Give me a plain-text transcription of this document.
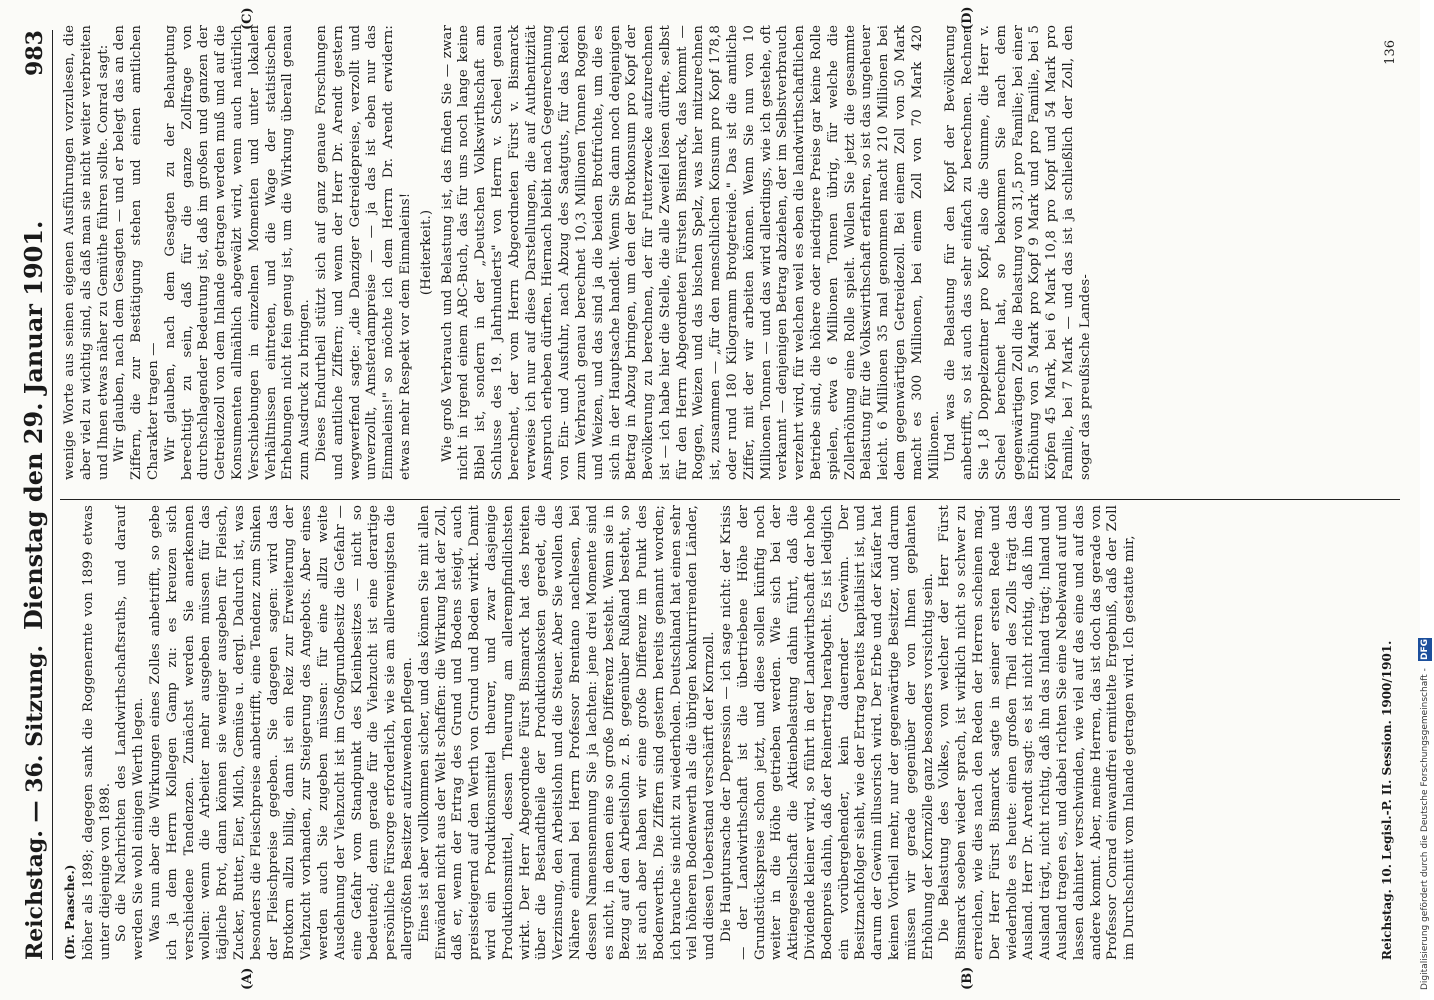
Reichstag. — 36. Sitzung.
Dienstag den 29. Januar 1901.
983
(A)	(B)
(C)	(D)
(Dr. Paasche.) höher als 1898; dagegen sank die Roggenernte von 1899 etwas unter diejenige von 1898. So die Nachrichten des Landwirthschaftsraths, und darauf werden Sie wohl einigen Werth legen. Was nun aber die Wirkungen eines Zolles anbetrifft, so gebe ich ja dem Herrn Kollegen Gamp zu: es kreuzen sich verschiedene Tendenzen. Zunächst werden Sie anerkennen wollen: wenn die Arbeiter mehr ausgeben müssen für das tägliche Brot, dann können sie weniger ausgeben für Fleisch, Zucker, Butter, Eier, Milch, Gemüse u. dergl. Dadurch ist, was besonders die Fleischpreise anbetrifft, eine Tendenz zum Sinken der Fleischpreise gegeben. Sie dagegen sagen: wird das Brotkorn allzu billig, dann ist ein Reiz zur Erweiterung der Viehzucht vorhanden, zur Steigerung des Angebots. Aber eines werden auch Sie zugeben müssen: für eine allzu weite Ausdehnung der Viehzucht ist im Großgrundbesitz die Gefahr — eine Gefahr vom Standpunkt des Kleinbesitzes — nicht so bedeutend; denn gerade für die Viehzucht ist eine derartige persönliche Fürsorge erforderlich, wie sie am allerwenigsten die allergrößten Besitzer aufzuwenden pflegen. Eines ist aber vollkommen sicher, und das können Sie mit allen Einwänden nicht aus der Welt schaffen: die Wirkung hat der Zoll, daß er, wenn der Ertrag des Grund und Bodens steigt, auch preissteigernd auf den Werth von Grund und Boden wirkt. Damit wird ein Produktionsmittel theurer, und zwar dasjenige Produktionsmittel, dessen Theurung am allerempfindlichsten wirkt. Der Herr Abgeordnete Fürst Bismarck hat des breiten über die Bestandtheile der Produktionskosten geredet, die Verzinsung, den Arbeitslohn und die Steuer. Aber Sie wollen das Nähere einmal bei Herrn Professor Brentano nachlesen, bei dessen Namensnennung Sie ja lachten: jene drei Momente sind es nicht, in denen eine so große Differenz besteht. Wenn sie in Bezug auf den Arbeitslohn z. B. gegenüber Rußland besteht, so ist auch aber haben wir eine große Differenz im Punkt des Bodenwerths. Die Ziffern sind gestern bereits genannt worden; ich brauche sie nicht zu wiederholen. Deutschland hat einen sehr viel höheren Bodenwerth als die übrigen konkurrirenden Länder, und diesen Ueberstand verschärft der Kornzoll. Die Hauptursache der Depression — ich sage nicht: der Krisis — der Landwirthschaft ist die übertriebene Höhe der Grundstückspreise schon jetzt, und diese sollen künftig noch weiter in die Höhe getrieben werden. Wie sich bei der Aktiengesellschaft die Aktienbelastung dahin führt, daß die Dividende kleiner wird, so führt in der Landwirthschaft der hohe Bodenpreis dahin, daß der Reinertrag herabgeht. Es ist lediglich ein vorübergehender, kein dauernder Gewinn. Der Besitznachfolger sieht, wie der Ertrag bereits kapitalisirt ist, und darum der Gewinn illusorisch wird. Der Erbe und der Käufer hat keinen Vortheil mehr, nur der gegenwärtige Besitzer, und darum müssen wir gerade gegenüber der von Ihnen geplanten Erhöhung der Kornzölle ganz besonders vorsichtig sein. Die Belastung des Volkes, von welcher der Herr Fürst Bismarck soeben wieder sprach, ist wirklich nicht so schwer zu erreichen, wie dies nach den Reden der Herren scheinen mag. Der Herr Fürst Bismarck sagte in seiner ersten Rede und wiederholte es heute: einen großen Theil des Zolls trägt das Ausland. Herr Dr. Arendt sagt: es ist nicht richtig, daß ihn das Ausland trägt, nicht richtig, daß ihn das Inland trägt; Inland und Ausland tragen es, und dabei richten Sie eine Nebelwand auf und lassen dahinter verschwinden, wie viel auf das eine und auf das andere kommt. Aber, meine Herren, das ist doch das gerade von Professor Conrad einwandfrei ermittelte Ergebniß, daß der Zoll im Durchschnitt vom Inlande getragen wird. Ich gestatte mir,

wenige Worte aus seinen eigenen Ausführungen vorzulesen, die aber viel zu wichtig sind, als daß man sie nicht weiter verbreiten und Ihnen etwas näher zu Gemüthe führen sollte. Conrad sagt: Wir glauben, nach dem Gesagten — und er belegt das an den Ziffern, die zur Bestätigung stehen und einen amtlichen Charakter tragen — Wir glauben, nach dem Gesagten zu der Behauptung berechtigt zu sein, daß für die ganze Zollfrage von durchschlagender Bedeutung ist, daß im großen und ganzen der Getreidezoll von dem Inlande getragen werden muß und auf die Konsumenten allmählich abgewälzt wird, wenn auch natürlich Verschiebungen in einzelnen Momenten und unter lokalen Verhältnissen eintreten, und die Wage der statistischen Erhebungen nicht fein genug ist, um die Wirkung überall genau zum Ausdruck zu bringen. Dieses Endurtheil stützt sich auf ganz genaue Forschungen und amtliche Ziffern; und wenn der Herr Dr. Arendt gestern wegwerfend sagte: „die Danziger Getreidepreise, verzollt und unverzollt, Amsterdampreise — — ja das ist eben nur das Einmaleins!" so möchte ich dem Herrn Dr. Arendt erwidern: etwas mehr Respekt vor dem Einmaleins! (Heiterkeit.) Wie groß Verbrauch und Belastung ist, das finden Sie — zwar nicht in irgend einem ABC-Buch, das für uns noch lange keine Bibel ist, sondern in der „Deutschen Volkswirthschaft am Schlusse des 19. Jahrhunderts" von Herrn v. Scheel genau berechnet, der vom Herrn Abgeordneten Fürst v. Bismarck verweise ich nur auf diese Darstellungen, die auf Authentizität Anspruch erheben dürften. Hiernach bleibt nach Gegenrechnung von Ein- und Ausfuhr, nach Abzug des Saatguts, für das Reich zum Verbrauch genau berechnet 10,3 Millionen Tonnen Roggen und Weizen, und das sind ja die beiden Brotfrüchte, um die es sich in der Hauptsache handelt. Wenn Sie dann noch denjenigen Betrag in Abzug bringen, um den der Brotkonsum pro Kopf der Bevölkerung zu berechnen, der für Futterzwecke aufzurechnen ist — ich habe hier die Stelle, die alle Zweifel lösen dürfte, selbst für den Herrn Abgeordneten Fürsten Bismarck, das kommt — Roggen, Weizen und das bischen Spelz, was hier mitzurechnen ist, zusammen — „für den menschlichen Konsum pro Kopf 178,8 oder rund 180 Kilogramm Brotgetreide." Das ist die amtliche Ziffer, mit der wir arbeiten können. Wenn Sie nun von 10 Millionen Tonnen — und das wird allerdings, wie ich gestehe, oft verkannt — denjenigen Betrag abziehen, der im Selbstverbrauch verzehrt wird, für welchen weil es eben die landwirthschaftlichen Betriebe sind, die höhere oder niedrigere Preise gar keine Rolle spielen, etwa 6 Millionen Tonnen übrig, für welche die Zollerhöhung eine Rolle spielt. Wollen Sie jetzt die gesammte Belastung für die Volkswirthschaft erfahren, so ist das ungeheuer leicht. 6 Millionen 35 mal genommen macht 210 Millionen bei dem gegenwärtigen Getreidezoll. Bei einem Zoll von 50 Mark macht es 300 Millionen, bei einem Zoll von 70 Mark 420 Millionen. Und was die Belastung für den Kopf der Bevölkerung anbetrifft, so ist auch das sehr einfach zu berechnen. Rechnen Sie 1,8 Doppelzentner pro Kopf, also die Summe, die Herr v. Scheel berechnet hat, so bekommen Sie nach dem gegenwärtigen Zoll die Belastung von 31,5 pro Familie; bei einer Erhöhung von 5 Mark pro Kopf 9 Mark und pro Familie, bei 5 Köpfen 45 Mark, bei 6 Mark 10,8 pro Kopf und 54 Mark pro Familie, bei 7 Mark — und das ist ja schließlich der Zoll, den sogar das preußische Landes-

Reichstag. 10. Legisl.-P. II. Session. 1900/1901.
136
Digitalisierung gefördert durch die Deutsche Forschungsgemeinschaft - DFG
